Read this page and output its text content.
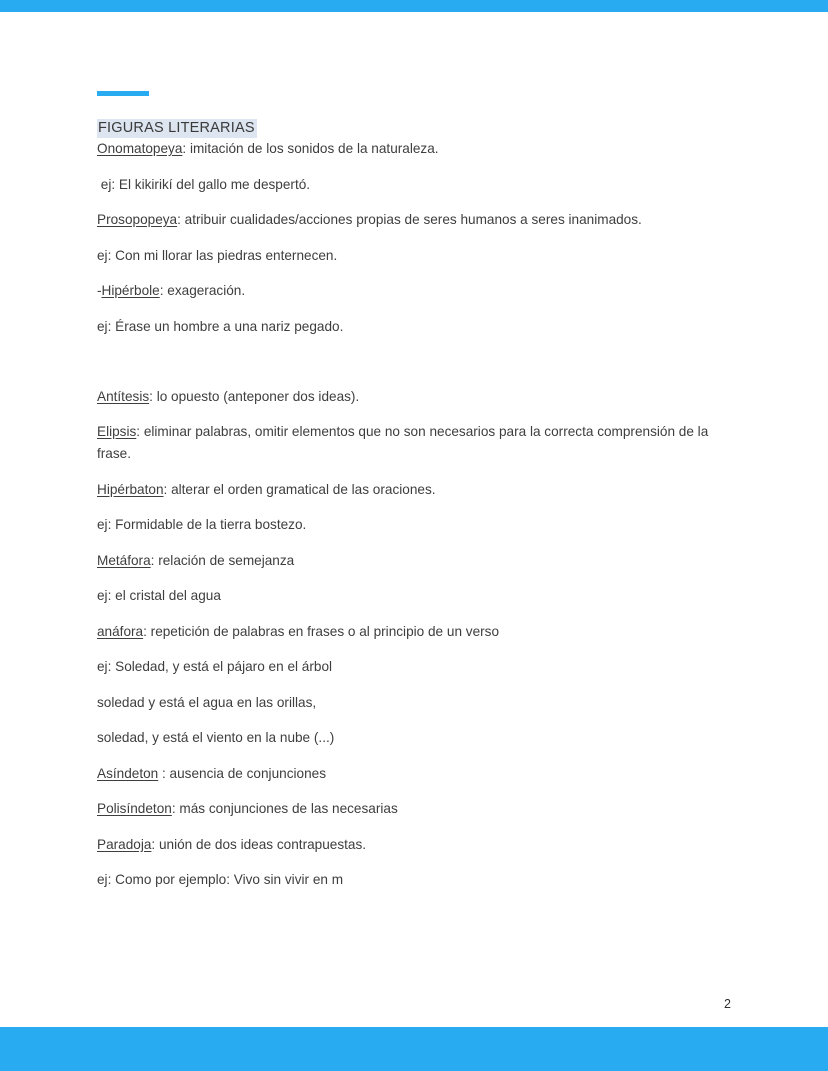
FIGURAS LITERARIAS

Onomatopeya: imitación de los sonidos de la naturaleza.

ej: El kikirikí del gallo me despertó.

Prosopopeya: atribuir cualidades/acciones propias de seres humanos a seres inanimados.

ej: Con mi llorar las piedras enternecen.

-Hipérbole: exageración.

ej: Érase un hombre a una nariz pegado.

Antítesis: lo opuesto (anteponer dos ideas).

Elipsis: eliminar palabras, omitir elementos que no son necesarios para la correcta comprensión de la frase.

Hipérbaton: alterar el orden gramatical de las oraciones.

ej: Formidable de la tierra bostezo.

Metáfora: relación de semejanza

ej: el cristal del agua

anáfora: repetición de palabras en frases o al principio de un verso

ej: Soledad, y está el pájaro en el árbol

soledad y está el agua en las orillas,

soledad, y está el viento en la nube (...)

Asíndeton : ausencia de conjunciones

Polisíndeton: más conjunciones de las necesarias

Paradoja: unión de dos ideas contrapuestas.

ej: Como por ejemplo: Vivo sin vivir en m

2
